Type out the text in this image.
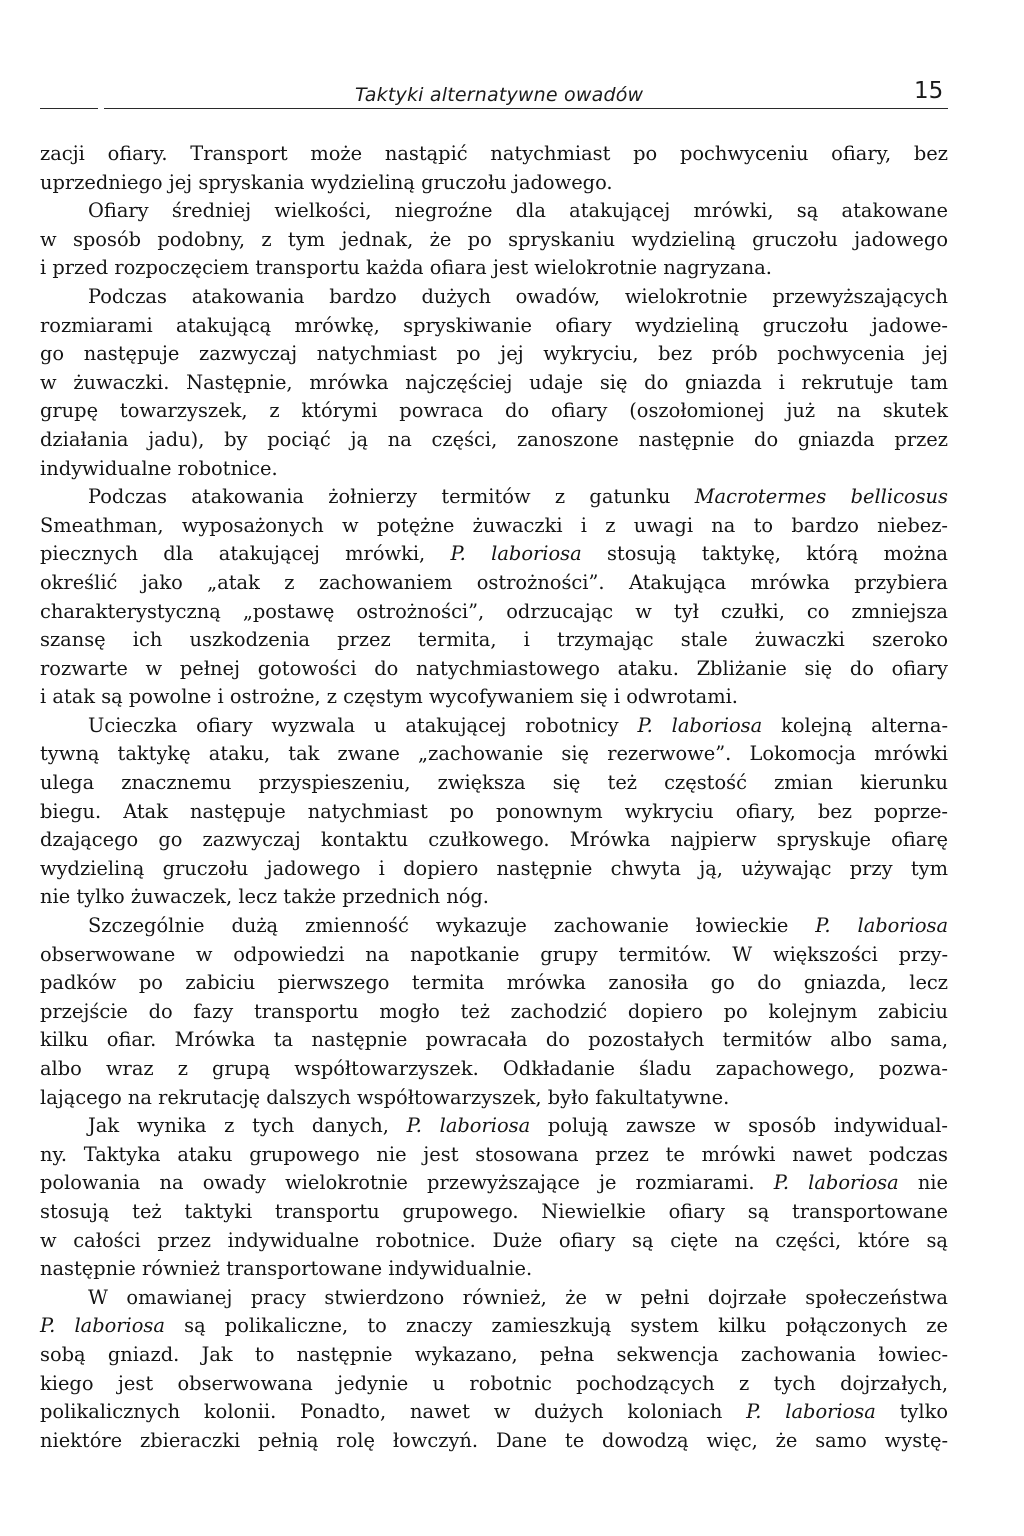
Taktyki alternatywne owadów	15
zacji ofiary. Transport może nastąpić natychmiast po pochwyceniu ofiary, bez
uprzedniego jej spryskania wydzieliną gruczołu jadowego.
Ofiary średniej wielkości, niegroźne dla atakującej mrówki, są atakowane
w sposób podobny, z tym jednak, że po spryskaniu wydzieliną gruczołu jadowego
i przed rozpoczęciem transportu każda ofiara jest wielokrotnie nagryzana.
Podczas atakowania bardzo dużych owadów, wielokrotnie przewyższających
rozmiarami atakującą mrówkę, spryskiwanie ofiary wydzieliną gruczołu jadowe-
go następuje zazwyczaj natychmiast po jej wykryciu, bez prób pochwycenia jej
w żuwaczki. Następnie, mrówka najczęściej udaje się do gniazda i rekrutuje tam
grupę towarzyszek, z którymi powraca do ofiary (oszołomionej już na skutek
działania jadu), by pociąć ją na części, zanoszone następnie do gniazda przez
indywidualne robotnice.
Podczas atakowania żołnierzy termitów z gatunku Macrotermes bellicosus
Smeathman, wyposażonych w potężne żuwaczki i z uwagi na to bardzo niebez-
piecznych dla atakującej mrówki, P. laboriosa stosują taktykę, którą można
określić jako „atak z zachowaniem ostrożności”. Atakująca mrówka przybiera
charakterystyczną „postawę ostrożności”, odrzucając w tył czułki, co zmniejsza
szansę ich uszkodzenia przez termita, i trzymając stale żuwaczki szeroko
rozwarte w pełnej gotowości do natychmiastowego ataku. Zbliżanie się do ofiary
i atak są powolne i ostrożne, z częstym wycofywaniem się i odwrotami.
Ucieczka ofiary wyzwala u atakującej robotnicy P. laboriosa kolejną alterna-
tywną taktykę ataku, tak zwane „zachowanie się rezerwowe”. Lokomocja mrówki
ulega znacznemu przyspieszeniu, zwiększa się też częstość zmian kierunku
biegu. Atak następuje natychmiast po ponownym wykryciu ofiary, bez poprze-
dzającego go zazwyczaj kontaktu czułkowego. Mrówka najpierw spryskuje ofiarę
wydzieliną gruczołu jadowego i dopiero następnie chwyta ją, używając przy tym
nie tylko żuwaczek, lecz także przednich nóg.
Szczególnie dużą zmienność wykazuje zachowanie łowieckie P. laboriosa
obserwowane w odpowiedzi na napotkanie grupy termitów. W większości przy-
padków po zabiciu pierwszego termita mrówka zanosiła go do gniazda, lecz
przejście do fazy transportu mogło też zachodzić dopiero po kolejnym zabiciu
kilku ofiar. Mrówka ta następnie powracała do pozostałych termitów albo sama,
albo wraz z grupą współtowarzyszek. Odkładanie śladu zapachowego, pozwa-
lającego na rekrutację dalszych współtowarzyszek, było fakultatywne.
Jak wynika z tych danych, P. laboriosa polują zawsze w sposób indywidual-
ny. Taktyka ataku grupowego nie jest stosowana przez te mrówki nawet podczas
polowania na owady wielokrotnie przewyższające je rozmiarami. P. laboriosa nie
stosują też taktyki transportu grupowego. Niewielkie ofiary są transportowane
w całości przez indywidualne robotnice. Duże ofiary są cięte na części, które są
następnie również transportowane indywidualnie.
W omawianej pracy stwierdzono również, że w pełni dojrzałe społeczeństwa
P. laboriosa są polikaliczne, to znaczy zamieszkują system kilku połączonych ze
sobą gniazd. Jak to następnie wykazano, pełna sekwencja zachowania łowiec-
kiego jest obserwowana jedynie u robotnic pochodzących z tych dojrzałych,
polikalicznych kolonii. Ponadto, nawet w dużych koloniach P. laboriosa tylko
niektóre zbieraczki pełnią rolę łowczyń. Dane te dowodzą więc, że samo wystę-
